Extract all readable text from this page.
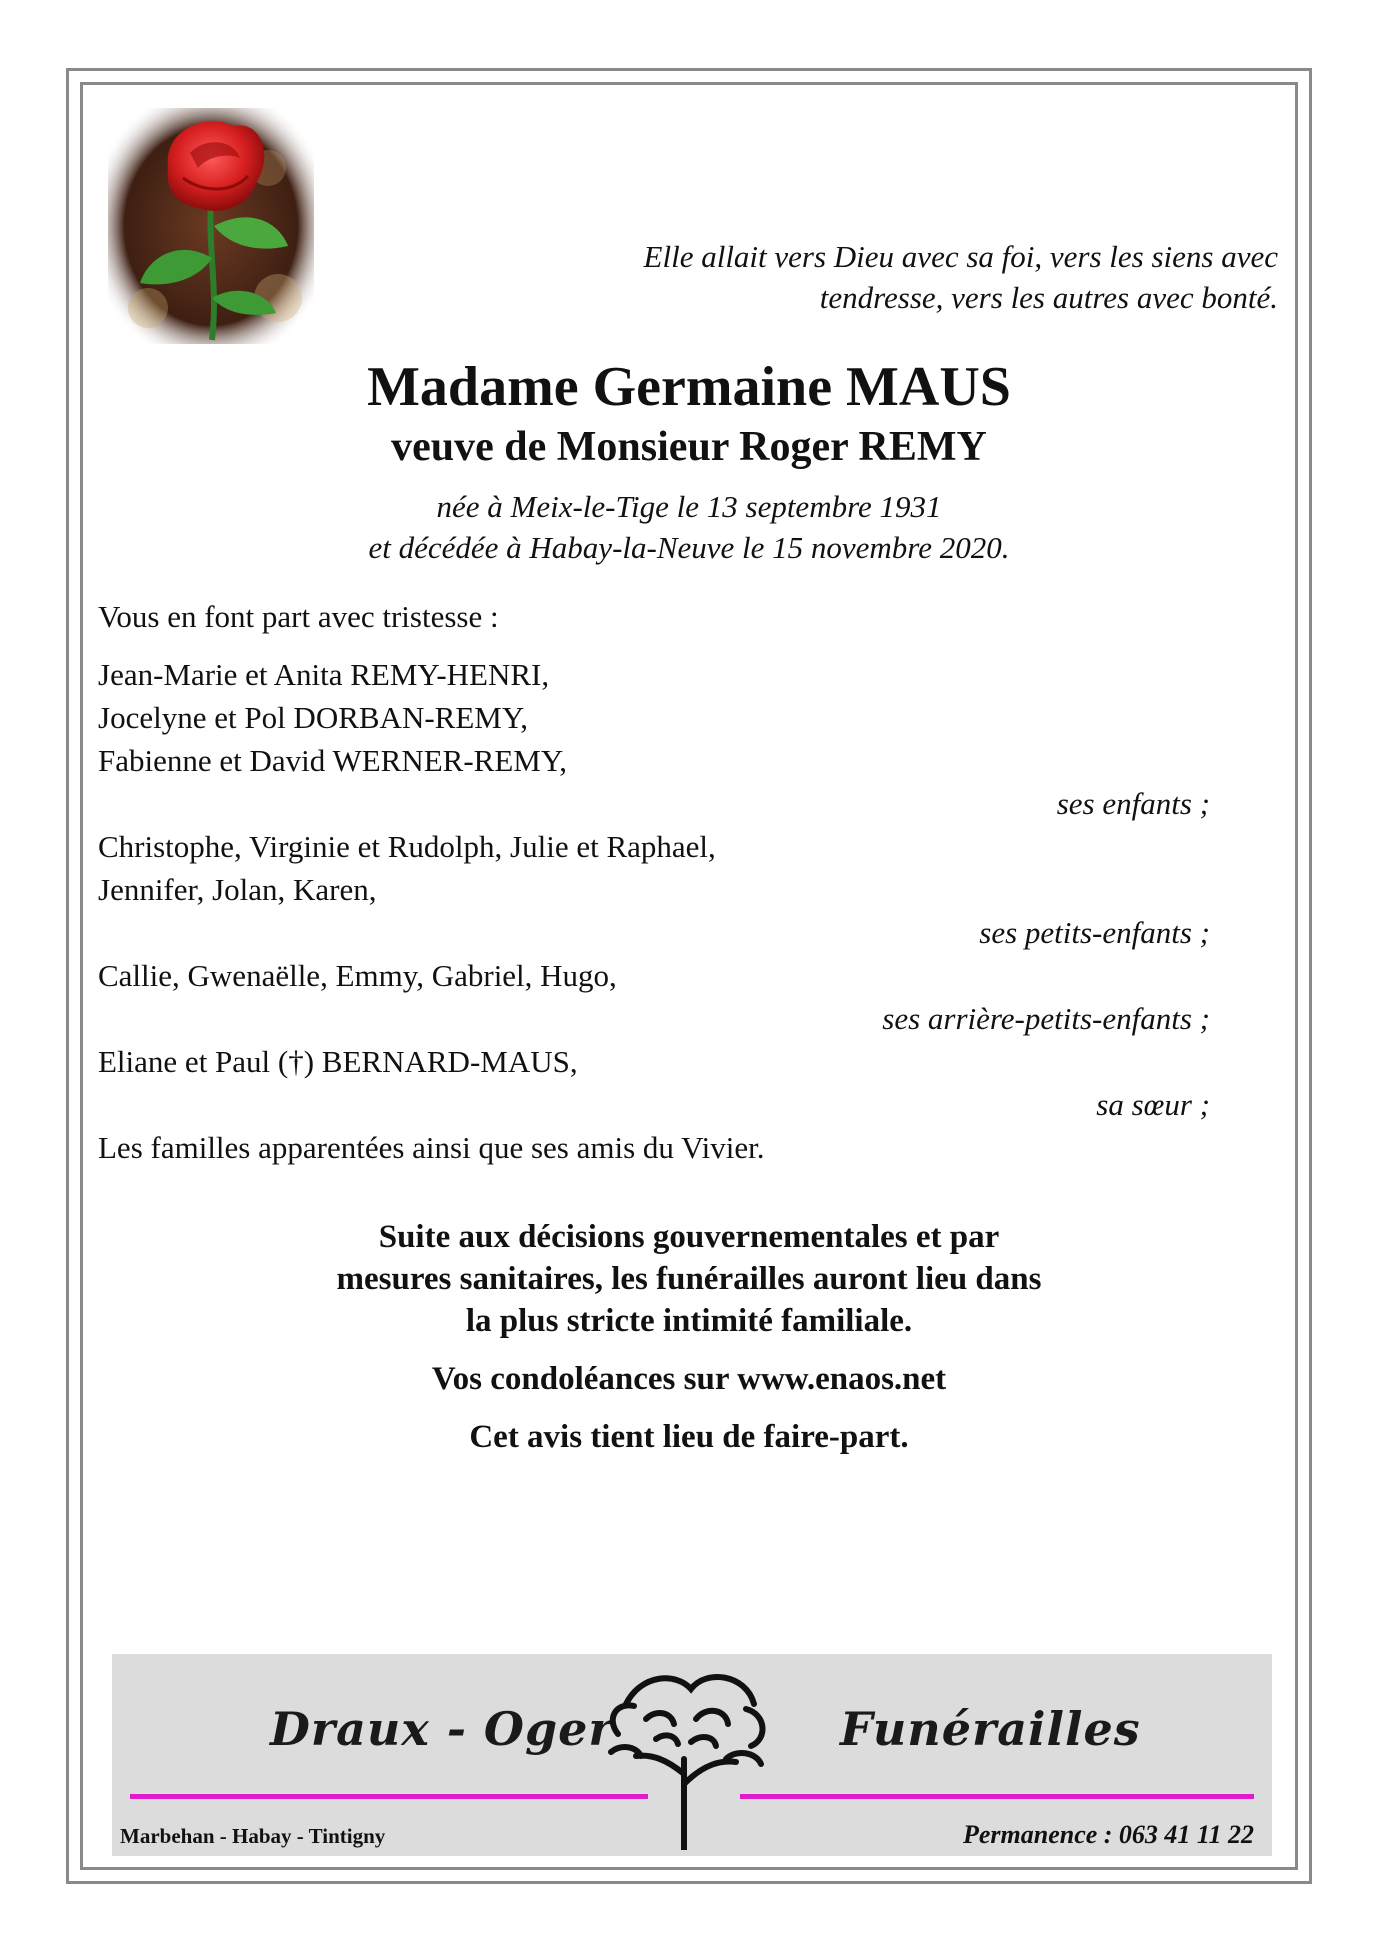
Elle allait vers Dieu avec sa foi, vers les siens avec
tendresse, vers les autres avec bonté.
Madame Germaine MAUS
veuve de Monsieur Roger REMY
née à Meix-le-Tige le 13 septembre 1931
et décédée à Habay-la-Neuve le 15 novembre 2020.
Vous en font part avec tristesse :
Jean-Marie et Anita REMY-HENRI,
Jocelyne et Pol DORBAN-REMY,
Fabienne et David WERNER-REMY,
ses enfants ;
Christophe, Virginie et Rudolph, Julie et Raphael,
Jennifer, Jolan, Karen,
ses petits-enfants ;
Callie, Gwenaëlle, Emmy, Gabriel, Hugo,
ses arrière-petits-enfants ;
Eliane et Paul (†) BERNARD-MAUS,
sa sœur ;
Les familles apparentées ainsi que ses amis du Vivier.
Suite aux décisions gouvernementales et par
mesures sanitaires, les funérailles auront lieu dans
la plus stricte intimité familiale.
Vos condoléances sur www.enaos.net
Cet avis tient lieu de faire-part.
Draux - Oger	Funérailles
Marbehan - Habay - Tintigny	Permanence : 063 41 11 22
